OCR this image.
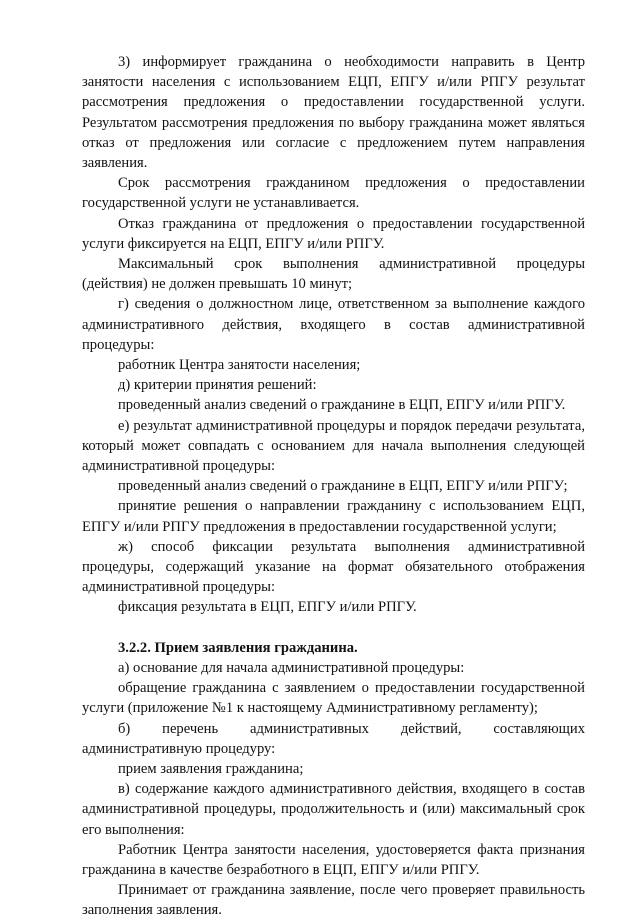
3) информирует гражданина о необходимости направить в Центр занятости населения с использованием ЕЦП, ЕПГУ и/или РПГУ результат рассмотрения предложения о предоставлении государственной услуги. Результатом рассмотрения предложения по выбору гражданина может являться отказ от предложения или согласие с предложением путем направления заявления.

Срок рассмотрения гражданином предложения о предоставлении государственной услуги не устанавливается.

Отказ гражданина от предложения о предоставлении государственной услуги фиксируется на ЕЦП, ЕПГУ и/или РПГУ.

Максимальный срок выполнения административной процедуры (действия) не должен превышать 10 минут;

г) сведения о должностном лице, ответственном за выполнение каждого административного действия, входящего в состав административной процедуры:

работник Центра занятости населения;

д) критерии принятия решений:

проведенный анализ сведений о гражданине в ЕЦП, ЕПГУ и/или РПГУ.

е) результат административной процедуры и порядок передачи результата, который может совпадать с основанием для начала выполнения следующей административной процедуры:

проведенный анализ сведений о гражданине в ЕЦП, ЕПГУ и/или РПГУ;

принятие решения о направлении гражданину с использованием ЕЦП, ЕПГУ и/или РПГУ предложения в предоставлении государственной услуги;

ж) способ фиксации результата выполнения административной процедуры, содержащий указание на формат обязательного отображения административной процедуры:

фиксация результата в ЕЦП, ЕПГУ и/или РПГУ.

3.2.2. Прием заявления гражданина.

а) основание для начала административной процедуры:

обращение гражданина с заявлением о предоставлении государственной услуги (приложение №1 к настоящему Административному регламенту);

б) перечень административных действий, составляющих административную процедуру:

прием заявления гражданина;

в) содержание каждого административного действия, входящего в состав административной процедуры, продолжительность и (или) максимальный срок его выполнения:

Работник Центра занятости населения, удостоверяется факта признания гражданина в качестве безработного в ЕЦП, ЕПГУ и/или РПГУ.

Принимает от гражданина заявление, после чего проверяет правильность заполнения заявления.
